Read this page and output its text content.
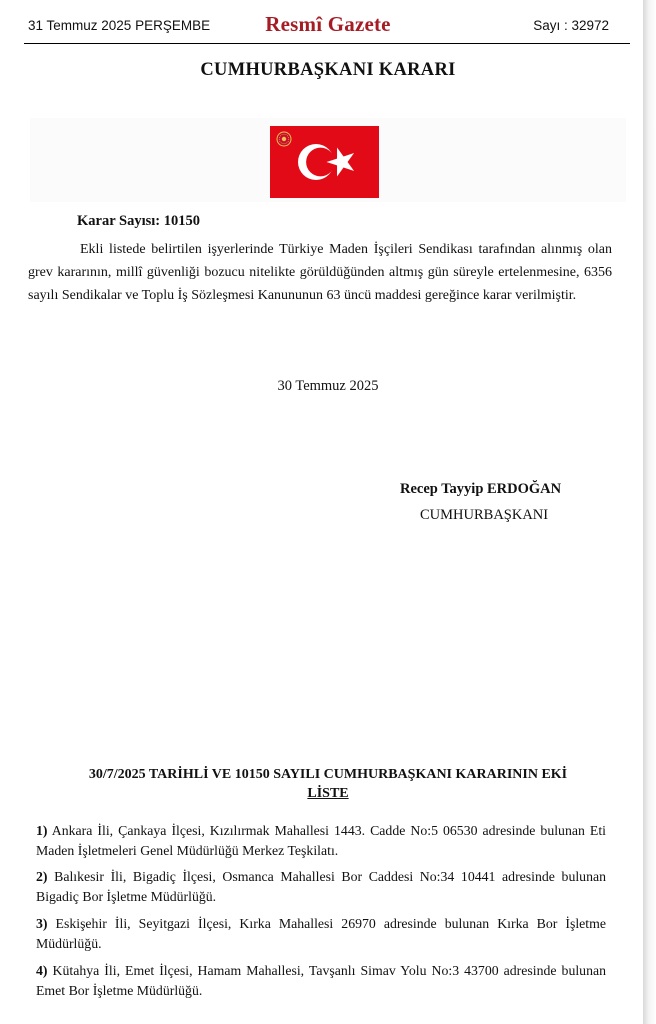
31 Temmuz 2025 PERŞEMBE	Resmî Gazete	Sayı : 32972
CUMHURBAŞKANI KARARI
Karar Sayısı: 10150
Ekli listede belirtilen işyerlerinde Türkiye Maden İşçileri Sendikası tarafından alınmış olan grev kararının, millî güvenliği bozucu nitelikte görüldüğünden altmış gün süreyle ertelenmesine, 6356 sayılı Sendikalar ve Toplu İş Sözleşmesi Kanununun 63 üncü maddesi gereğince karar verilmiştir.
30 Temmuz 2025
Recep Tayyip ERDOĞAN
CUMHURBAŞKANI
30/7/2025 TARİHLİ VE 10150 SAYILI CUMHURBAŞKANI KARARININ EKİ
LİSTE
1) Ankara İli, Çankaya İlçesi, Kızılırmak Mahallesi 1443. Cadde No:5 06530 adresinde bulunan Eti Maden İşletmeleri Genel Müdürlüğü Merkez Teşkilatı.
2) Balıkesir İli, Bigadiç İlçesi, Osmanca Mahallesi Bor Caddesi No:34 10441 adresinde bulunan Bigadiç Bor İşletme Müdürlüğü.
3) Eskişehir İli, Seyitgazi İlçesi, Kırka Mahallesi 26970 adresinde bulunan Kırka Bor İşletme Müdürlüğü.
4) Kütahya İli, Emet İlçesi, Hamam Mahallesi, Tavşanlı Simav Yolu No:3 43700 adresinde bulunan Emet Bor İşletme Müdürlüğü.
